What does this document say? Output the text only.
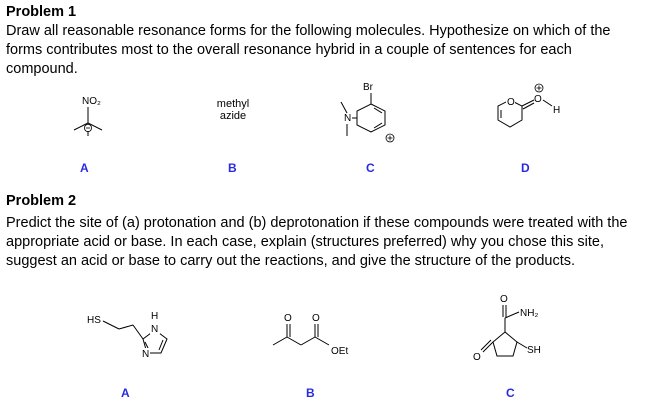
Problem 1
Draw all reasonable resonance forms for the following molecules. Hypothesize on which of the forms contributes most to the overall resonance hybrid in a couple of sentences for each compound.
NO₂
A
methyl
azide
B
Br
N
C
O O
H
D
Problem 2
Predict the site of (a) protonation and (b) deprotonation if these compounds were treated with the appropriate acid or base. In each case, explain (structures preferred) why you chose this site, suggest an acid or base to carry out the reactions, and give the structure of the products.
HS	H
N
N
A
O O
OEt
B
O
NH₂
SH
O
C
